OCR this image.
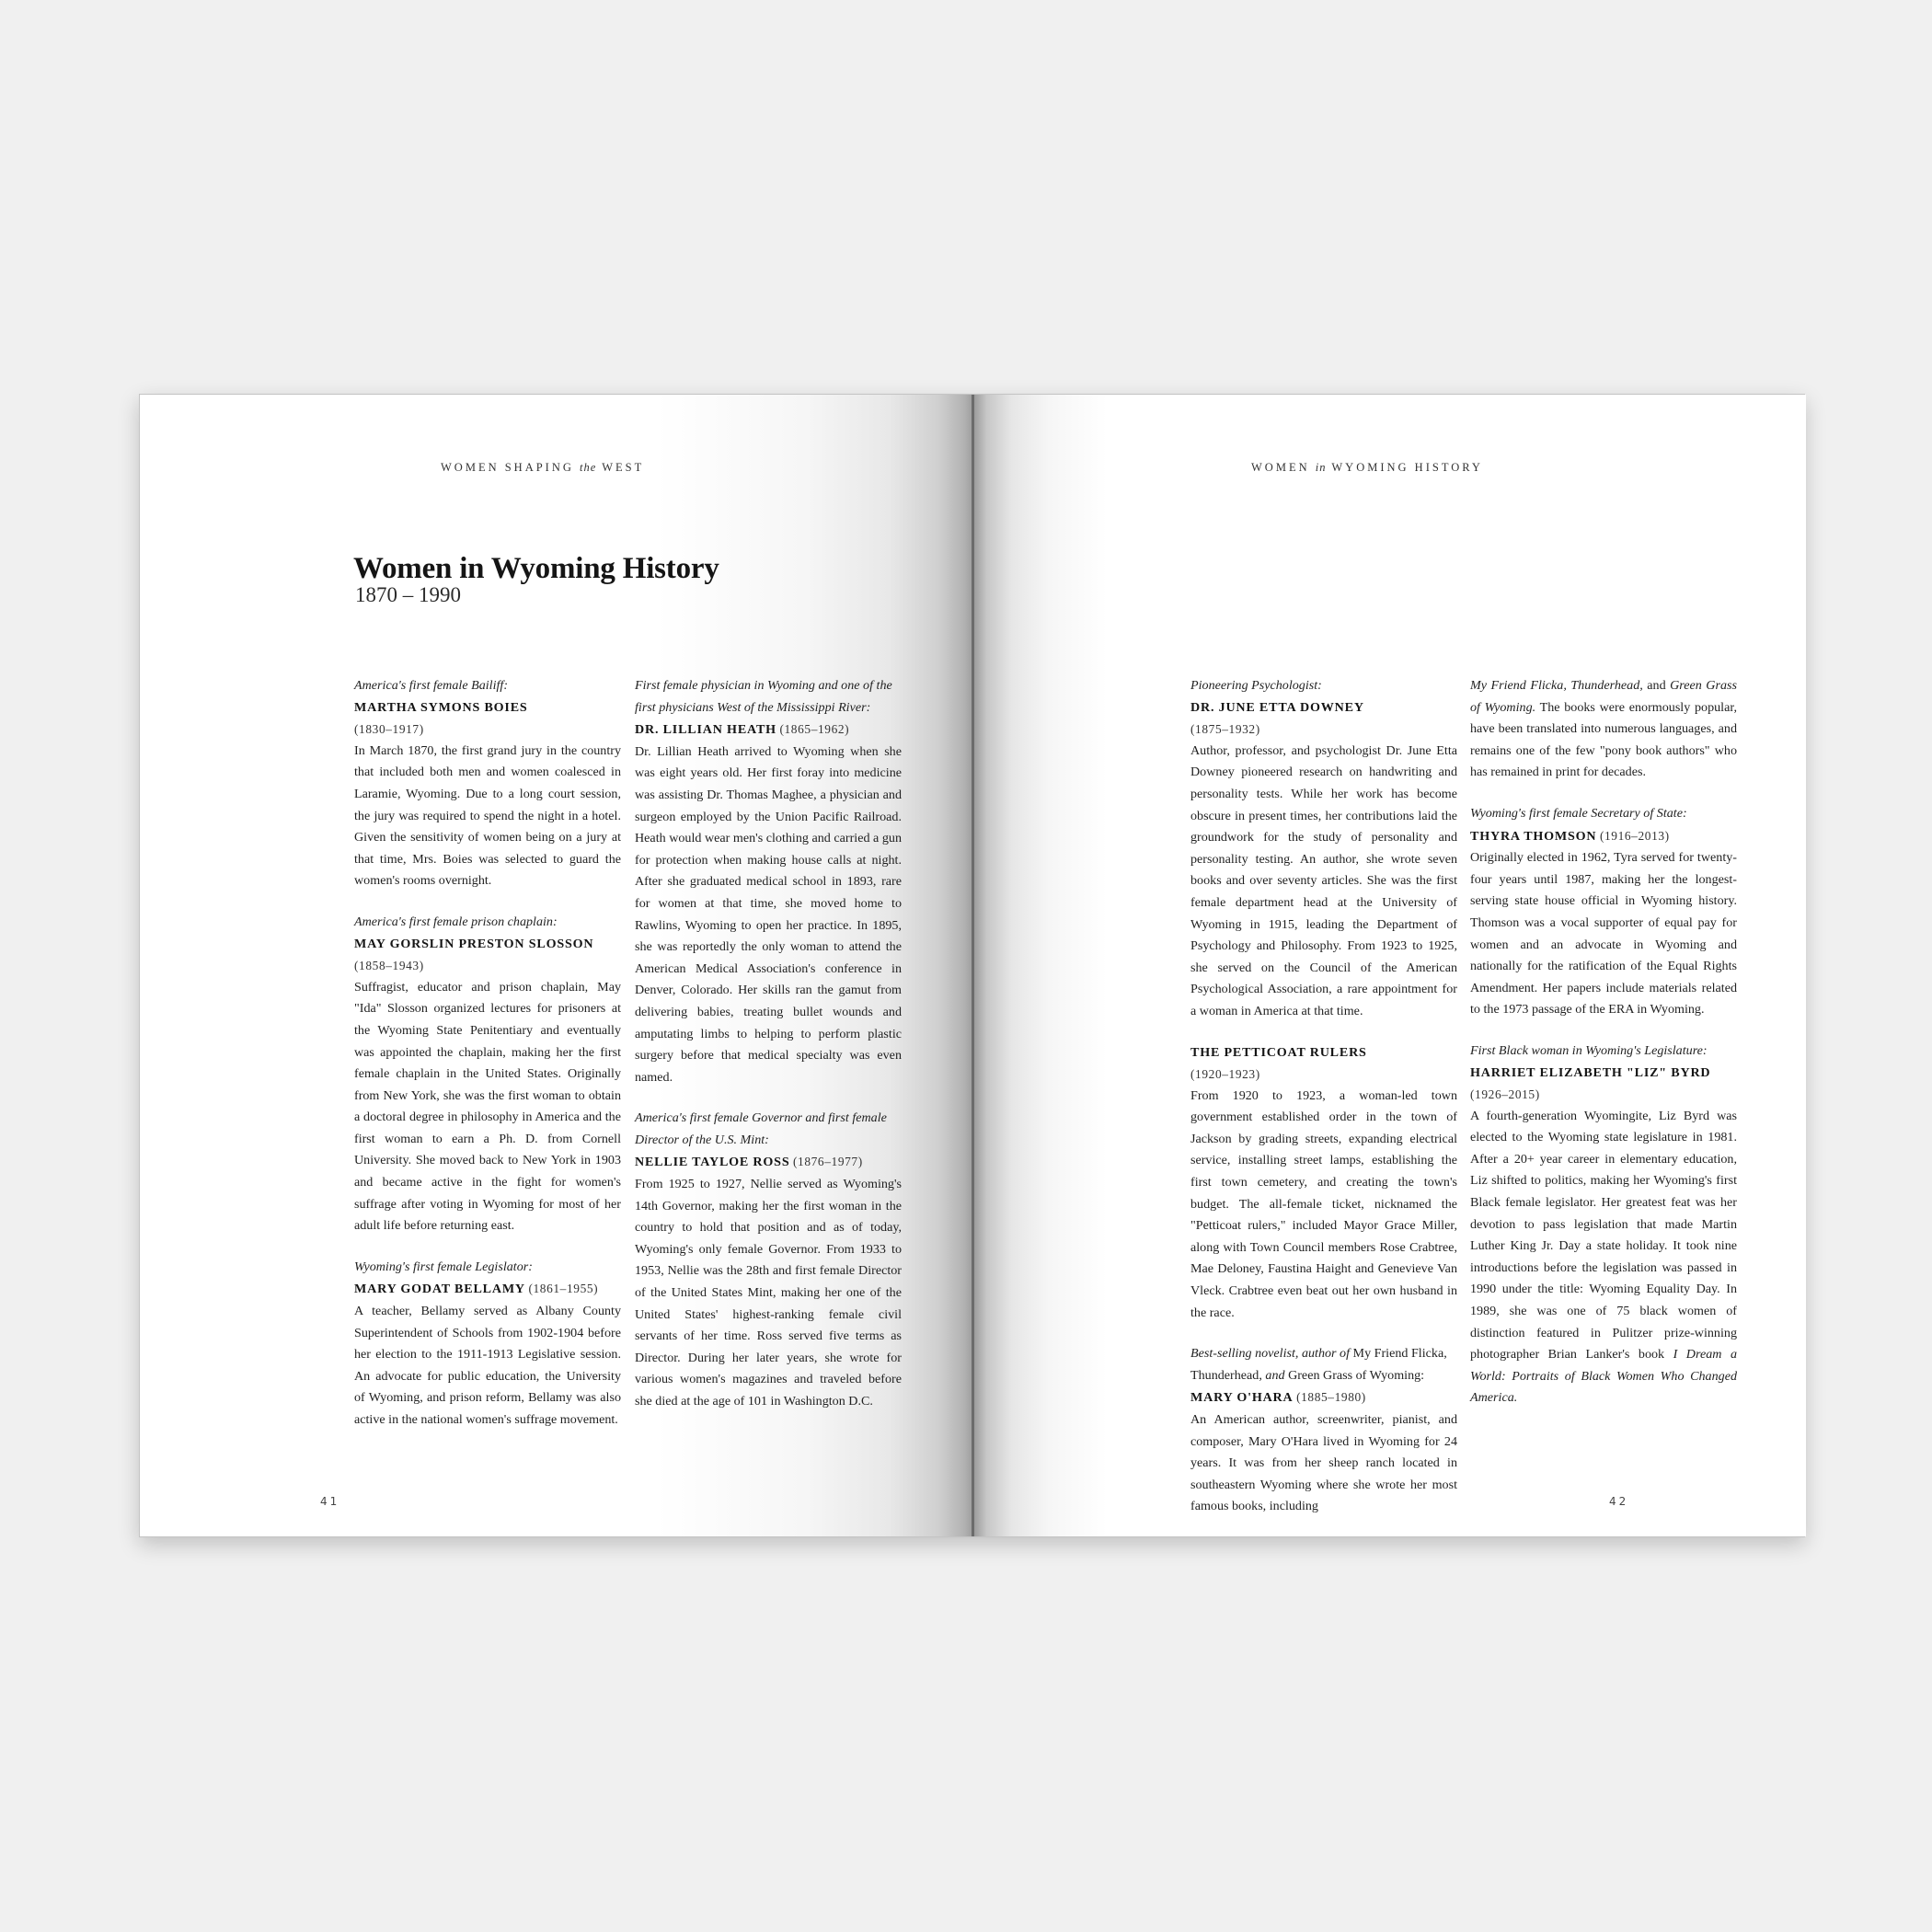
WOMEN SHAPING the WEST
Women in Wyoming History
1870 – 1990
America's first female Bailiff:
MARTHA SYMONS BOIES
(1830–1917)
In March 1870, the first grand jury in the country that included both men and women coalesced in Laramie, Wyoming. Due to a long court session, the jury was required to spend the night in a hotel. Given the sensitivity of women being on a jury at that time, Mrs. Boies was selected to guard the women's rooms overnight.
America's first female prison chaplain:
MAY GORSLIN PRESTON SLOSSON
(1858–1943)
Suffragist, educator and prison chaplain, May "Ida" Slosson organized lectures for prisoners at the Wyoming State Penitentiary and eventually was appointed the chaplain, making her the first female chaplain in the United States. Originally from New York, she was the first woman to obtain a doctoral degree in philosophy in America and the first woman to earn a Ph. D. from Cornell University. She moved back to New York in 1903 and became active in the fight for women's suffrage after voting in Wyoming for most of her adult life before returning east.
Wyoming's first female Legislator:
MARY GODAT BELLAMY (1861–1955)
A teacher, Bellamy served as Albany County Superintendent of Schools from 1902-1904 before her election to the 1911-1913 Legislative session. An advocate for public education, the University of Wyoming, and prison reform, Bellamy was also active in the national women's suffrage movement.
First female physician in Wyoming and one of the first physicians West of the Mississippi River:
DR. LILLIAN HEATH (1865–1962)
Dr. Lillian Heath arrived to Wyoming when she was eight years old. Her first foray into medicine was assisting Dr. Thomas Maghee, a physician and surgeon employed by the Union Pacific Railroad. Heath would wear men's clothing and carried a gun for protection when making house calls at night. After she graduated medical school in 1893, rare for women at that time, she moved home to Rawlins, Wyoming to open her practice. In 1895, she was reportedly the only woman to attend the American Medical Association's conference in Denver, Colorado. Her skills ran the gamut from delivering babies, treating bullet wounds and amputating limbs to helping to perform plastic surgery before that medical specialty was even named.
America's first female Governor and first female Director of the U.S. Mint:
NELLIE TAYLOE ROSS (1876–1977)
From 1925 to 1927, Nellie served as Wyoming's 14th Governor, making her the first woman in the country to hold that position and as of today, Wyoming's only female Governor. From 1933 to 1953, Nellie was the 28th and first female Director of the United States Mint, making her one of the United States' highest-ranking female civil servants of her time. Ross served five terms as Director. During her later years, she wrote for various women's magazines and traveled before she died at the age of 101 in Washington D.C.
41
WOMEN in WYOMING HISTORY
Pioneering Psychologist:
DR. JUNE ETTA DOWNEY
(1875–1932)
Author, professor, and psychologist Dr. June Etta Downey pioneered research on handwriting and personality tests. While her work has become obscure in present times, her contributions laid the groundwork for the study of personality and personality testing. An author, she wrote seven books and over seventy articles. She was the first female department head at the University of Wyoming in 1915, leading the Department of Psychology and Philosophy. From 1923 to 1925, she served on the Council of the American Psychological Association, a rare appointment for a woman in America at that time.
THE PETTICOAT RULERS
(1920–1923)
From 1920 to 1923, a woman-led town government established order in the town of Jackson by grading streets, expanding electrical service, installing street lamps, establishing the first town cemetery, and creating the town's budget. The all-female ticket, nicknamed the "Petticoat rulers," included Mayor Grace Miller, along with Town Council members Rose Crabtree, Mae Deloney, Faustina Haight and Genevieve Van Vleck. Crabtree even beat out her own husband in the race.
Best-selling novelist, author of My Friend Flicka, Thunderhead, and Green Grass of Wyoming:
MARY O'HARA (1885–1980)
An American author, screenwriter, pianist, and composer, Mary O'Hara lived in Wyoming for 24 years. It was from her sheep ranch located in southeastern Wyoming where she wrote her most famous books, including
My Friend Flicka, Thunderhead, and Green Grass of Wyoming. The books were enormously popular, have been translated into numerous languages, and remains one of the few "pony book authors" who has remained in print for decades.
Wyoming's first female Secretary of State:
THYRA THOMSON (1916–2013)
Originally elected in 1962, Tyra served for twenty-four years until 1987, making her the longest-serving state house official in Wyoming history. Thomson was a vocal supporter of equal pay for women and an advocate in Wyoming and nationally for the ratification of the Equal Rights Amendment. Her papers include materials related to the 1973 passage of the ERA in Wyoming.
First Black woman in Wyoming's Legislature:
HARRIET ELIZABETH "LIZ" BYRD
(1926–2015)
A fourth-generation Wyomingite, Liz Byrd was elected to the Wyoming state legislature in 1981. After a 20+ year career in elementary education, Liz shifted to politics, making her Wyoming's first Black female legislator. Her greatest feat was her devotion to pass legislation that made Martin Luther King Jr. Day a state holiday. It took nine introductions before the legislation was passed in 1990 under the title: Wyoming Equality Day. In 1989, she was one of 75 black women of distinction featured in Pulitzer prize-winning photographer Brian Lanker's book I Dream a World: Portraits of Black Women Who Changed America.
42
